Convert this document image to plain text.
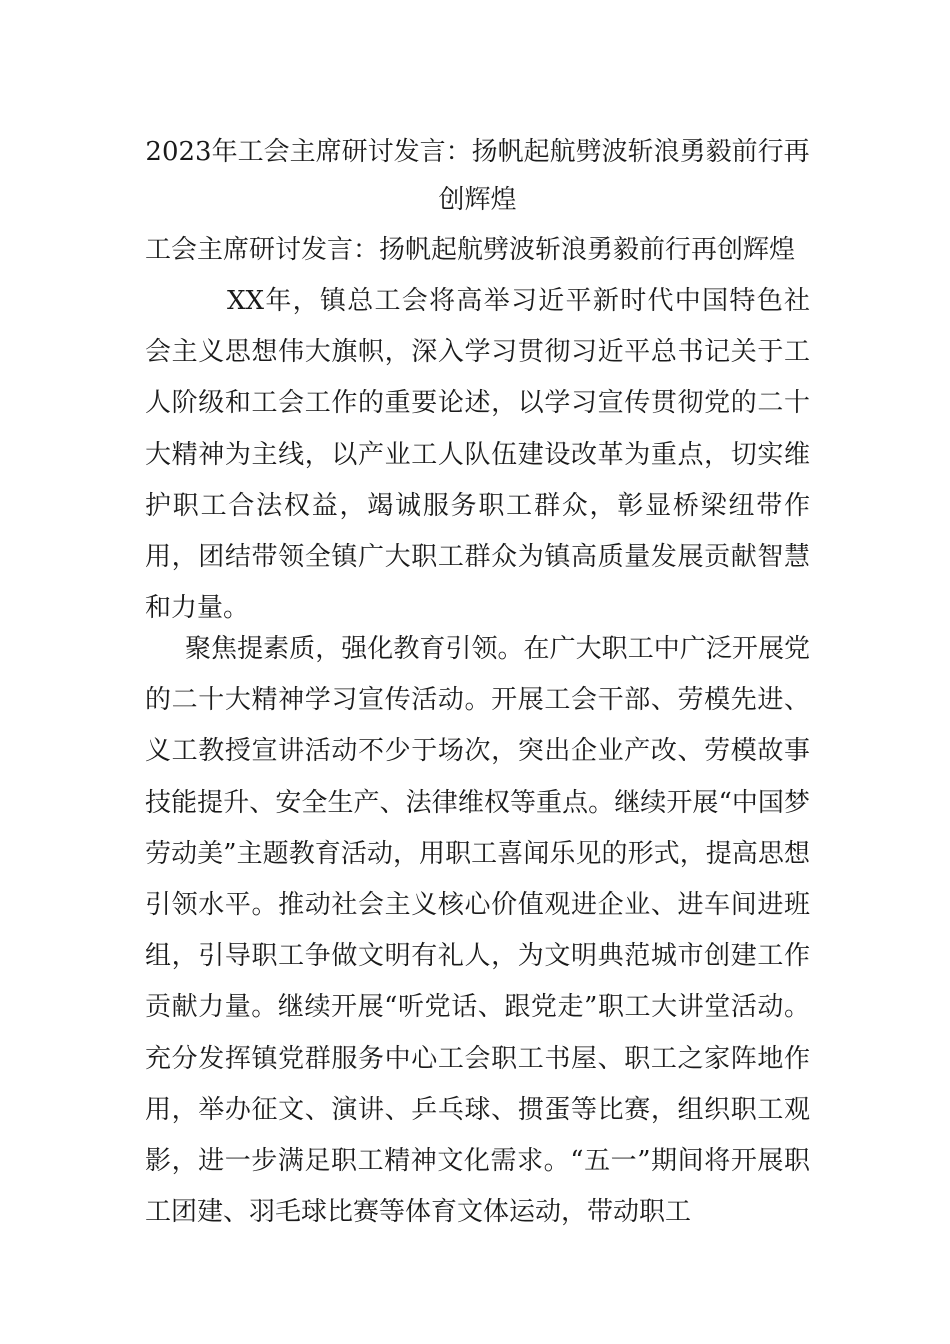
2023年工会主席研讨发言：扬帆起航劈波斩浪勇毅前行再创辉煌

工会主席研讨发言：扬帆起航劈波斩浪勇毅前行再创辉煌

XX年，镇总工会将高举习近平新时代中国特色社会主义思想伟大旗帜，深入学习贯彻习近平总书记关于工人阶级和工会工作的重要论述，以学习宣传贯彻党的二十大精神为主线，以产业工人队伍建设改革为重点，切实维护职工合法权益，竭诚服务职工群众，彰显桥梁纽带作用，团结带领全镇广大职工群众为镇高质量发展贡献智慧和力量。

聚焦提素质，强化教育引领。在广大职工中广泛开展党的二十大精神学习宣传活动。开展工会干部、劳模先进、义工教授宣讲活动不少于场次，突出企业产改、劳模故事技能提升、安全生产、法律维权等重点。继续开展“中国梦劳动美”主题教育活动，用职工喜闻乐见的形式，提高思想引领水平。推动社会主义核心价值观进企业、进车间进班组，引导职工争做文明有礼人，为文明典范城市创建工作贡献力量。继续开展“听党话、跟党走”职工大讲堂活动。充分发挥镇党群服务中心工会职工书屋、职工之家阵地作用，举办征文、演讲、乒乓球、掼蛋等比赛，组织职工观影，进一步满足职工精神文化需求。“五一”期间将开展职工团建、羽毛球比赛等体育文体运动，带动职工
